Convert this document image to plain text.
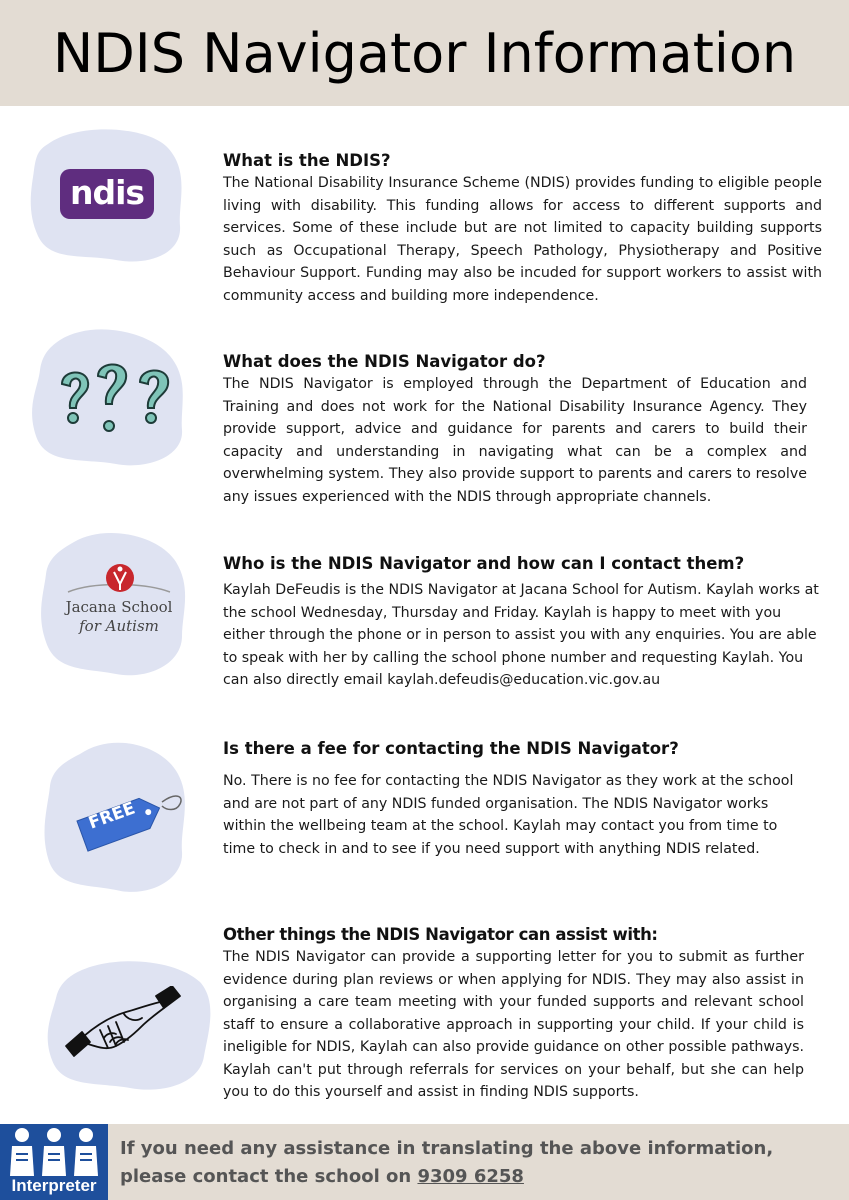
NDIS Navigator Information
ndis
What is the NDIS?

The National Disability Insurance Scheme (NDIS) provides funding to eligible people living with disability. This funding allows for access to different supports and services. Some of these include but are not limited to capacity building supports such as Occupational Therapy, Speech Pathology, Physiotherapy and Positive Behaviour Support. Funding may also be incuded for support workers to assist with community access and building more independence.

What does the NDIS Navigator do?

The NDIS Navigator is employed through the Department of Education and Training and does not work for the National Disability Insurance Agency. They provide support, advice and guidance for parents and carers to build their capacity and understanding in navigating what can be a complex and overwhelming system. They also provide support to parents and carers to resolve any issues experienced with the NDIS through appropriate channels.

Jacana School
for Autism
Who is the NDIS Navigator and how can I contact them?

Kaylah DeFeudis is the NDIS Navigator at Jacana School for Autism. Kaylah works at the school Wednesday, Thursday and Friday. Kaylah is happy to meet with you either through the phone or in person to assist you with any enquiries. You are able to speak with her by calling the school phone number and requesting Kaylah. You can also directly email kaylah.defeudis@education.vic.gov.au

FREE
Is there a fee for contacting the NDIS Navigator?

No. There is no fee for contacting the NDIS Navigator as they work at the school and are not part of any NDIS funded organisation. The NDIS Navigator works within the wellbeing team at the school. Kaylah may contact you from time to time to check in and to see if you need support with anything NDIS related.

Other things the NDIS Navigator can assist with:

The NDIS Navigator can provide a supporting letter for you to submit as further evidence during plan reviews or when applying for NDIS. They may also assist in organising a care team meeting with your funded supports and relevant school staff to ensure a collaborative approach in supporting your child. If your child is ineligible for NDIS, Kaylah can also provide guidance on other possible pathways. Kaylah can't put through referrals for services on your behalf, but she can help you to do this yourself and assist in finding NDIS supports.

Interpreter

If you need any assistance in translating the above information, please contact the school on 9309 6258
